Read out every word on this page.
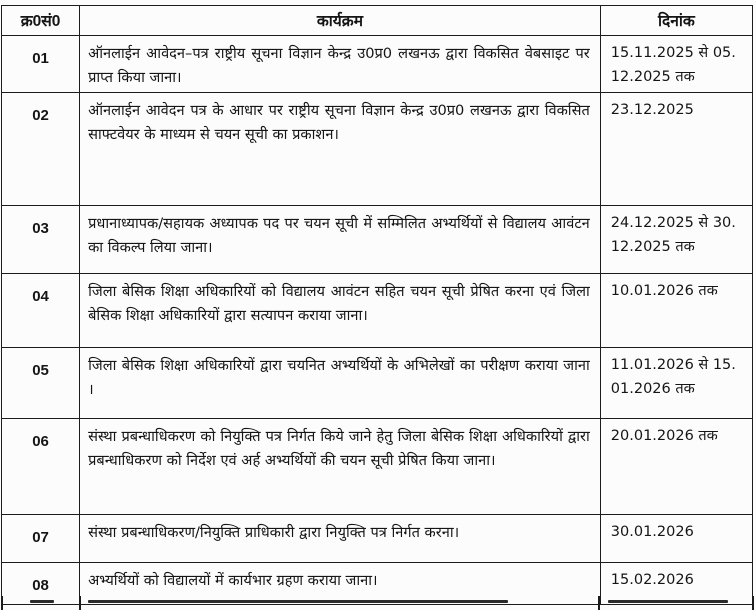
क्र0सं0	कार्यक्रम	दिनांक
01	ऑनलाईन आवेदन–पत्र राष्ट्रीय सूचना विज्ञान केन्द्र उ0प्र0 लखनऊ द्वारा विकसित वेबसाइट पर प्राप्त किया जाना।	15.11.2025 से 05. 12.2025 तक
02	ऑनलाईन आवेदन पत्र के आधार पर राष्ट्रीय सूचना विज्ञान केन्द्र उ0प्र0 लखनऊ द्वारा विकसित साफ्टवेयर के माध्यम से चयन सूची का प्रकाशन।	23.12.2025
03	प्रधानाध्यापक/सहायक अध्यापक पद पर चयन सूची में सम्मिलित अभ्यर्थियों से विद्यालय आवंटन का विकल्प लिया जाना।	24.12.2025 से 30. 12.2025 तक
04	जिला बेसिक शिक्षा अधिकारियों को विद्यालय आवंटन सहित चयन सूची प्रेषित करना एवं जिला बेसिक शिक्षा अधिकारियों द्वारा सत्यापन कराया जाना।	10.01.2026 तक
05	जिला बेसिक शिक्षा अधिकारियों द्वारा चयनित अभ्यर्थियों के अभिलेखों का परीक्षण कराया जाना ।	11.01.2026 से 15. 01.2026 तक
06	संस्था प्रबन्धाधिकरण को नियुक्ति पत्र निर्गत किये जाने हेतु जिला बेसिक शिक्षा अधिकारियों द्वारा प्रबन्धाधिकरण को निर्देश एवं अर्ह अभ्यर्थियों की चयन सूची प्रेषित किया जाना।	20.01.2026 तक
07	संस्था प्रबन्धाधिकरण/नियुक्ति प्राधिकारी द्वारा नियुक्ति पत्र निर्गत करना।	30.01.2026
08	अभ्यर्थियों को विद्यालयों में कार्यभार ग्रहण कराया जाना।	15.02.2026
